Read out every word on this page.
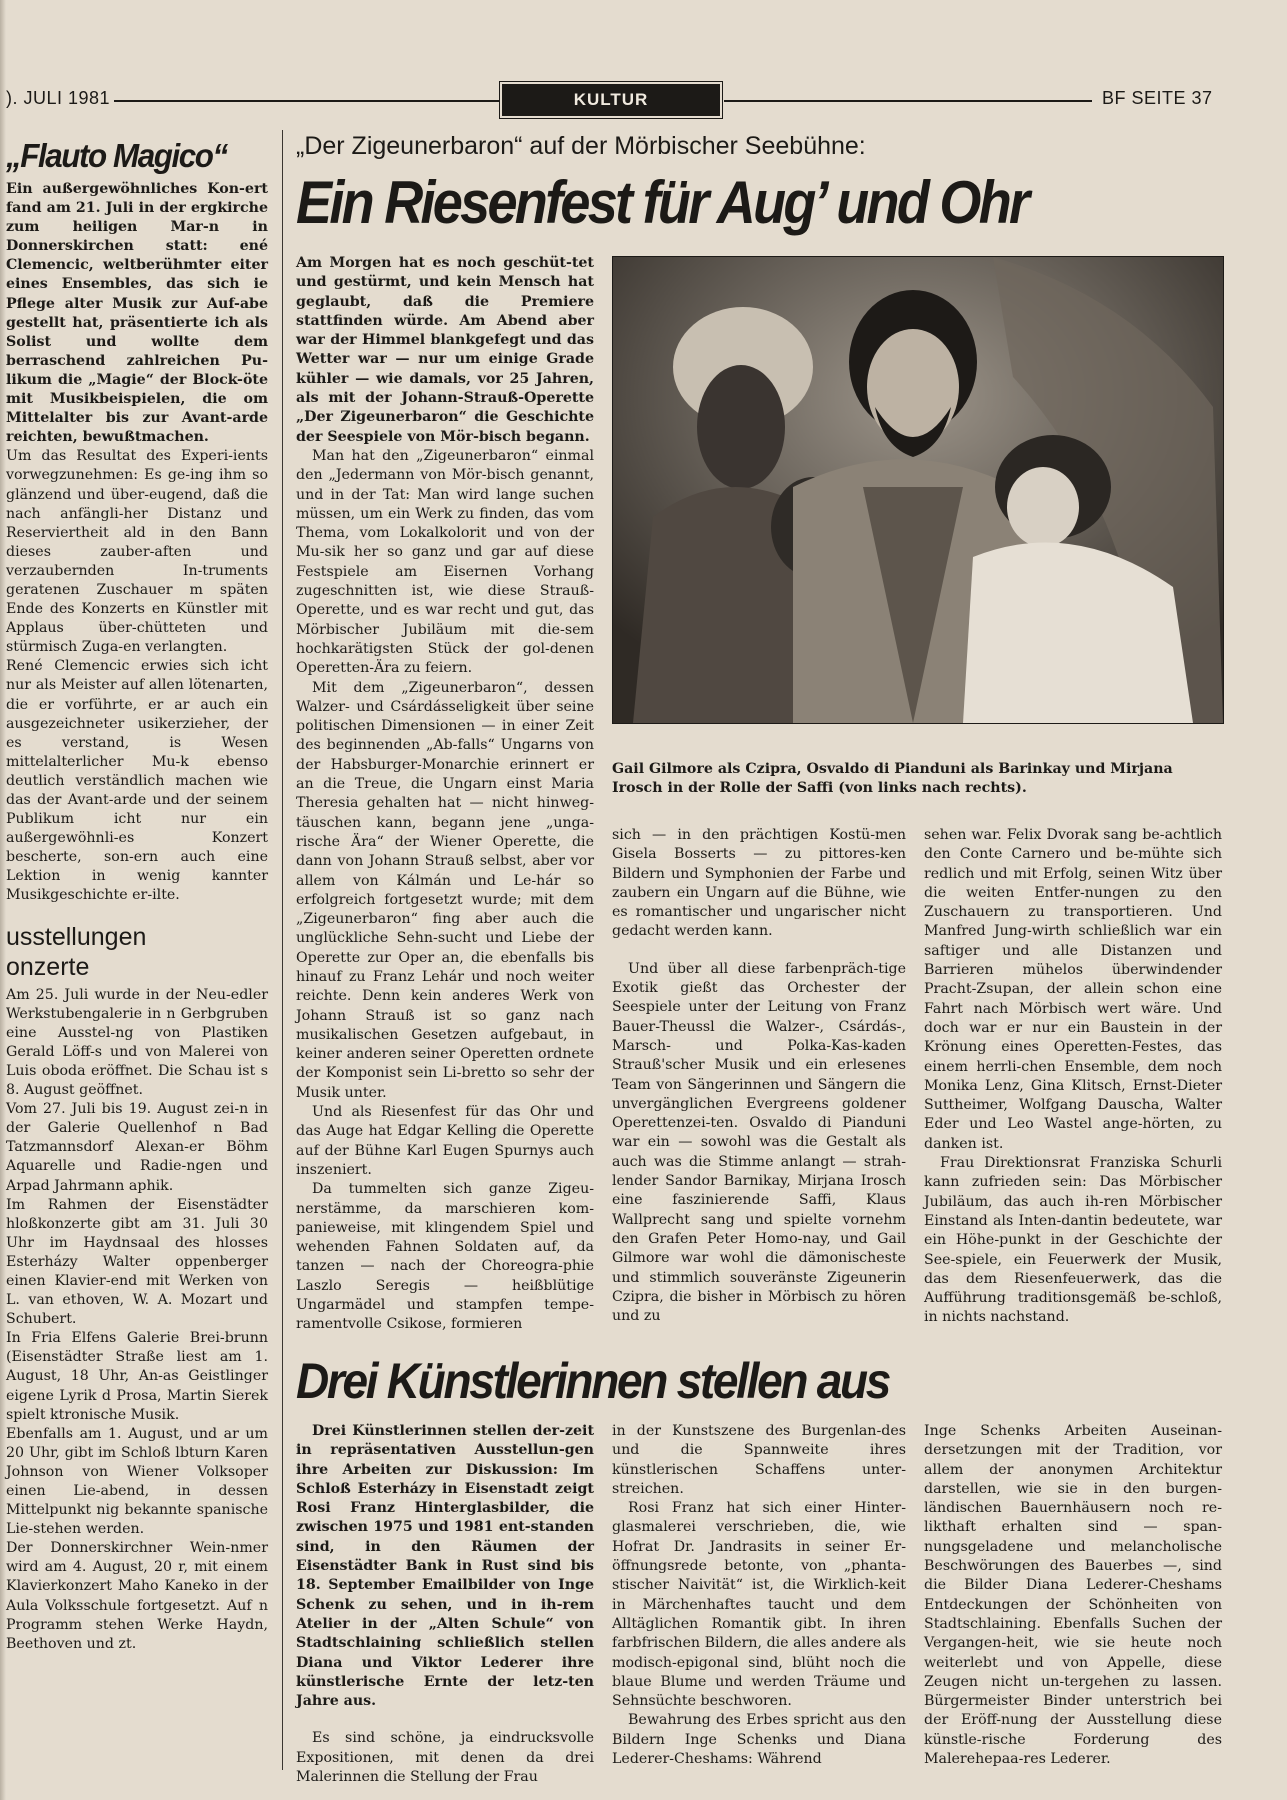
). JULI 1981	KULTUR	BF SEITE 37
„Flauto Magico“

Ein außergewöhnliches Kon-ert fand am 21. Juli in der ergkirche zum heiligen Mar-n in Donnerskirchen statt: ené Clemencic, weltberühmter eiter eines Ensembles, das sich ie Pflege alter Musik zur Auf-abe gestellt hat, präsentierte ich als Solist und wollte dem berraschend zahlreichen Pu-likum die „Magie“ der Block-öte mit Musikbeispielen, die om Mittelalter bis zur Avant-arde reichten, bewußtmachen.

Um das Resultat des Experi-ients vorwegzunehmen: Es ge-ing ihm so glänzend und über-eugend, daß die nach anfängli-her Distanz und Reserviertheit ald in den Bann dieses zauber-aften und verzaubernden In-truments geratenen Zuschauer m späten Ende des Konzerts en Künstler mit Applaus über-chütteten und stürmisch Zuga-en verlangten.

René Clemencic erwies sich icht nur als Meister auf allen lötenarten, die er vorführte, er ar auch ein ausgezeichneter usikerzieher, der es verstand, is Wesen mittelalterlicher Mu-k ebenso deutlich verständlich machen wie das der Avant-arde und der seinem Publikum icht nur ein außergewöhnli-es Konzert bescherte, son-ern auch eine Lektion in wenig kannter Musikgeschichte er-ilte.

usstellungen
onzerte

Am 25. Juli wurde in der Neu-edler Werkstubengalerie in n Gerbgruben eine Ausstel-ng von Plastiken Gerald Löff-s und von Malerei von Luis oboda eröffnet. Die Schau ist s 8. August geöffnet.

Vom 27. Juli bis 19. August zei-n in der Galerie Quellenhof n Bad Tatzmannsdorf Alexan-er Böhm Aquarelle und Radie-ngen und Arpad Jahrmann aphik.

Im Rahmen der Eisenstädter hloßkonzerte gibt am 31. Juli 30 Uhr im Haydnsaal des hlosses Esterházy Walter oppenberger einen Klavier-end mit Werken von L. van ethoven, W. A. Mozart und Schubert.

In Fria Elfens Galerie Brei-brunn (Eisenstädter Straße liest am 1. August, 18 Uhr, An-as Geistlinger eigene Lyrik d Prosa, Martin Sierek spielt ktronische Musik.

Ebenfalls am 1. August, und ar um 20 Uhr, gibt im Schloß lbturn Karen Johnson von Wiener Volksoper einen Lie-abend, in dessen Mittelpunkt nig bekannte spanische Lie-stehen werden.

Der Donnerskirchner Wein-nmer wird am 4. August, 20 r, mit einem Klavierkonzert Maho Kaneko in der Aula Volksschule fortgesetzt. Auf n Programm stehen Werke Haydn, Beethoven und zt.

„Der Zigeunerbaron“ auf der Mörbischer Seebühne:
Ein Riesenfest für Aug’ und Ohr

Am Morgen hat es noch geschüt-tet und gestürmt, und kein Mensch hat geglaubt, daß die Premiere stattfinden würde. Am Abend aber war der Himmel blankgefegt und das Wetter war — nur um einige Grade kühler — wie damals, vor 25 Jahren, als mit der Johann-Strauß-Operette „Der Zigeunerbaron“ die Geschichte der Seespiele von Mör-bisch begann.

Man hat den „Zigeunerbaron“ einmal den „Jedermann von Mör-bisch genannt, und in der Tat: Man wird lange suchen müssen, um ein Werk zu finden, das vom Thema, vom Lokalkolorit und von der Mu-sik her so ganz und gar auf diese Festspiele am Eisernen Vorhang zugeschnitten ist, wie diese Strauß-Operette, und es war recht und gut, das Mörbischer Jubiläum mit die-sem hochkarätigsten Stück der gol-denen Operetten-Ära zu feiern.

Mit dem „Zigeunerbaron“, dessen Walzer- und Csárdásseligkeit über seine politischen Dimensionen — in einer Zeit des beginnenden „Ab-falls“ Ungarns von der Habsburger-Monarchie erinnert er an die Treue, die Ungarn einst Maria Theresia gehalten hat — nicht hinweg-täuschen kann, begann jene „unga-rische Ära“ der Wiener Operette, die dann von Johann Strauß selbst, aber vor allem von Kálmán und Le-hár so erfolgreich fortgesetzt wurde; mit dem „Zigeunerbaron“ fing aber auch die unglückliche Sehn-sucht und Liebe der Operette zur Oper an, die ebenfalls bis hinauf zu Franz Lehár und noch weiter reichte. Denn kein anderes Werk von Johann Strauß ist so ganz nach musikalischen Gesetzen aufgebaut, in keiner anderen seiner Operetten ordnete der Komponist sein Li-bretto so sehr der Musik unter.

Und als Riesenfest für das Ohr und das Auge hat Edgar Kelling die Operette auf der Bühne Karl Eugen Spurnys auch inszeniert.

Da tummelten sich ganze Zigeu-nerstämme, da marschieren kom-panieweise, mit klingendem Spiel und wehenden Fahnen Soldaten auf, da tanzen — nach der Choreogra-phie Laszlo Seregis — heißblütige Ungarmädel und stampfen tempe-ramentvolle Csikose, formieren

Gail Gilmore als Czipra, Osvaldo di Pianduni als Barinkay und Mirjana Irosch in der Rolle der Saffi (von links nach rechts).

sich — in den prächtigen Kostü-men Gisela Bosserts — zu pittores-ken Bildern und Symphonien der Farbe und zaubern ein Ungarn auf die Bühne, wie es romantischer und ungarischer nicht gedacht werden kann.

Und über all diese farbenpräch-tige Exotik gießt das Orchester der Seespiele unter der Leitung von Franz Bauer-Theussl die Walzer-, Csárdás-, Marsch- und Polka-Kas-kaden Strauß'scher Musik und ein erlesenes Team von Sängerinnen und Sängern die unvergänglichen Evergreens goldener Operettenzei-ten. Osvaldo di Pianduni war ein — sowohl was die Gestalt als auch was die Stimme anlangt — strah-lender Sandor Barnikay, Mirjana Irosch eine faszinierende Saffi, Klaus Wallprecht sang und spielte vornehm den Grafen Peter Homo-nay, und Gail Gilmore war wohl die dämonischeste und stimmlich souveränste Zigeunerin Czipra, die bisher in Mörbisch zu hören und zu

sehen war. Felix Dvorak sang be-achtlich den Conte Carnero und be-mühte sich redlich und mit Erfolg, seinen Witz über die weiten Entfer-nungen zu den Zuschauern zu transportieren. Und Manfred Jung-wirth schließlich war ein saftiger und alle Distanzen und Barrieren mühelos überwindender Pracht-Zsupan, der allein schon eine Fahrt nach Mörbisch wert wäre. Und doch war er nur ein Baustein in der Krönung eines Operetten-Festes, das einem herrli-chen Ensemble, dem noch Monika Lenz, Gina Klitsch, Ernst-Dieter Suttheimer, Wolfgang Dauscha, Walter Eder und Leo Wastel ange-hörten, zu danken ist.

Frau Direktionsrat Franziska Schurli kann zufrieden sein: Das Mörbischer Jubiläum, das auch ih-ren Mörbischer Einstand als Inten-dantin bedeutete, war ein Höhe-punkt in der Geschichte der See-spiele, ein Feuerwerk der Musik, das dem Riesenfeuerwerk, das die Aufführung traditionsgemäß be-schloß, in nichts nachstand.

Drei Künstlerinnen stellen aus

Drei Künstlerinnen stellen der-zeit in repräsentativen Ausstellun-gen ihre Arbeiten zur Diskussion: Im Schloß Esterházy in Eisenstadt zeigt Rosi Franz Hinterglasbilder, die zwischen 1975 und 1981 ent-standen sind, in den Räumen der Eisenstädter Bank in Rust sind bis 18. September Emailbilder von Inge Schenk zu sehen, und in ih-rem Atelier in der „Alten Schule“ von Stadtschlaining schließlich stellen Diana und Viktor Lederer ihre künstlerische Ernte der letz-ten Jahre aus.

Es sind schöne, ja eindrucksvolle Expositionen, mit denen da drei Malerinnen die Stellung der Frau

in der Kunstszene des Burgenlan-des und die Spannweite ihres künstlerischen Schaffens unter-streichen.

Rosi Franz hat sich einer Hinter-glasmalerei verschrieben, die, wie Hofrat Dr. Jandrasits in seiner Er-öffnungsrede betonte, von „phanta-stischer Naivität“ ist, die Wirklich-keit in Märchenhaftes taucht und dem Alltäglichen Romantik gibt. In ihren farbfrischen Bildern, die alles andere als modisch-epigonal sind, blüht noch die blaue Blume und werden Träume und Sehnsüchte beschworen.

Bewahrung des Erbes spricht aus den Bildern Inge Schenks und Diana Lederer-Cheshams: Während

Inge Schenks Arbeiten Auseinan-dersetzungen mit der Tradition, vor allem der anonymen Architektur darstellen, wie sie in den burgen-ländischen Bauernhäusern noch re-likthaft erhalten sind — span-nungsgeladene und melancholische Beschwörungen des Bauerbes —, sind die Bilder Diana Lederer-Cheshams Entdeckungen der Schönheiten von Stadtschlaining. Ebenfalls Suchen der Vergangen-heit, wie sie heute noch weiterlebt und von Appelle, diese Zeugen nicht un-tergehen zu lassen. Bürgermeister Binder unterstrich bei der Eröff-nung der Ausstellung diese künstle-rische Forderung des Malerehepaa-res Lederer.
